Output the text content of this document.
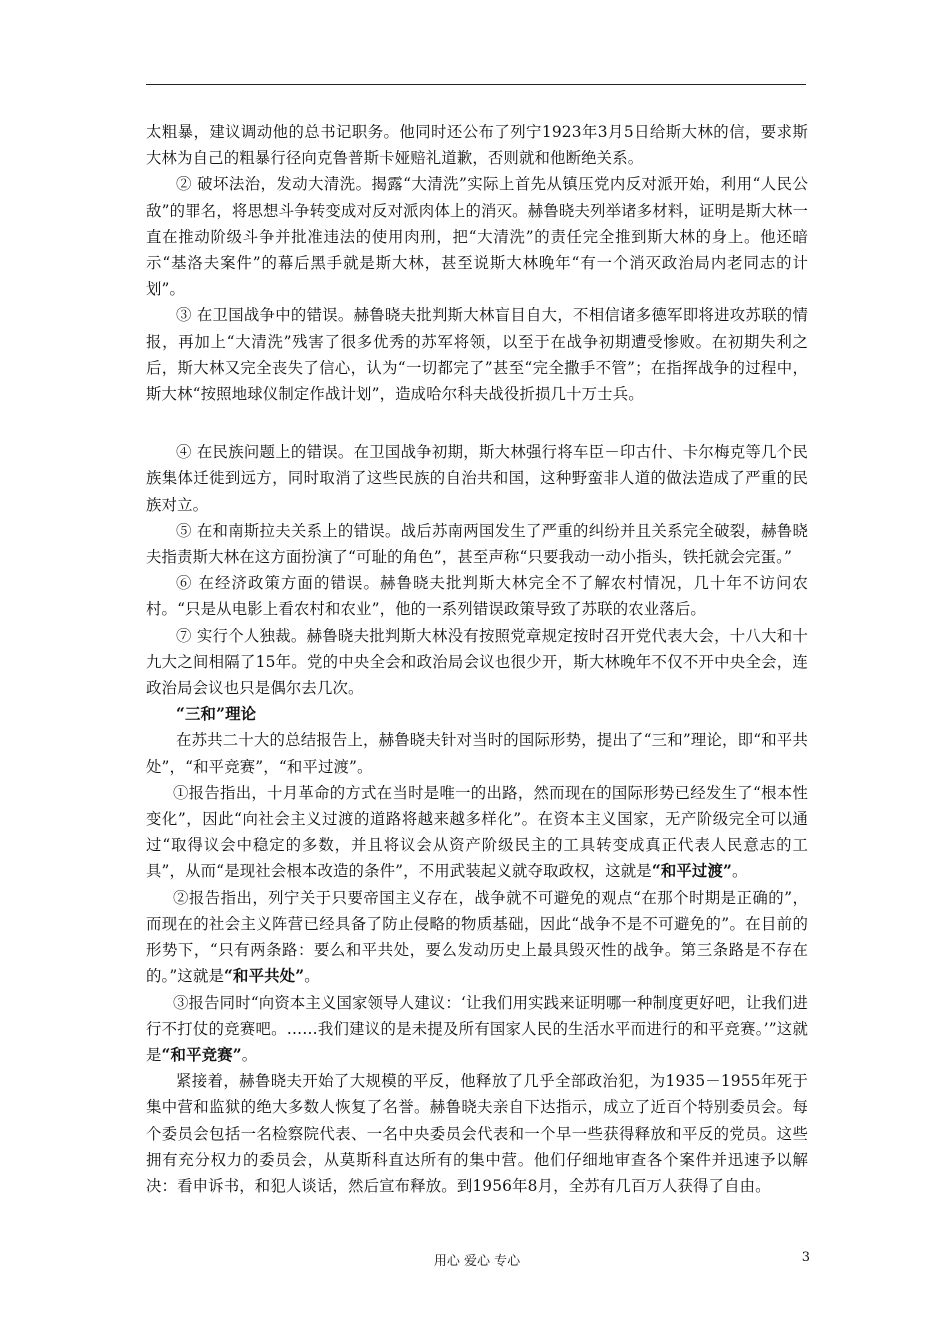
太粗暴，建议调动他的总书记职务。他同时还公布了列宁1923年3月5日给斯大林的信，要求斯大林为自己的粗暴行径向克鲁普斯卡娅赔礼道歉，否则就和他断绝关系。

② 破坏法治，发动大清洗。揭露“大清洗”实际上首先从镇压党内反对派开始，利用“人民公敌”的罪名，将思想斗争转变成对反对派肉体上的消灭。赫鲁晓夫列举诸多材料，证明是斯大林一直在推动阶级斗争并批准违法的使用肉刑，把“大清洗”的责任完全推到斯大林的身上。他还暗示“基洛夫案件”的幕后黑手就是斯大林，甚至说斯大林晚年“有一个消灭政治局内老同志的计划”。

③ 在卫国战争中的错误。赫鲁晓夫批判斯大林盲目自大，不相信诸多德军即将进攻苏联的情报，再加上“大清洗”残害了很多优秀的苏军将领，以至于在战争初期遭受惨败。在初期失利之后，斯大林又完全丧失了信心，认为“一切都完了”甚至“完全撒手不管”；在指挥战争的过程中，斯大林“按照地球仪制定作战计划”，造成哈尔科夫战役折损几十万士兵。

④ 在民族问题上的错误。在卫国战争初期，斯大林强行将车臣－印古什、卡尔梅克等几个民族集体迁徙到远方，同时取消了这些民族的自治共和国，这种野蛮非人道的做法造成了严重的民族对立。

⑤ 在和南斯拉夫关系上的错误。战后苏南两国发生了严重的纠纷并且关系完全破裂，赫鲁晓夫指责斯大林在这方面扮演了“可耻的角色”，甚至声称“只要我动一动小指头，铁托就会完蛋。”

⑥ 在经济政策方面的错误。赫鲁晓夫批判斯大林完全不了解农村情况，几十年不访问农村。“只是从电影上看农村和农业”，他的一系列错误政策导致了苏联的农业落后。

⑦ 实行个人独裁。赫鲁晓夫批判斯大林没有按照党章规定按时召开党代表大会，十八大和十九大之间相隔了15年。党的中央全会和政治局会议也很少开，斯大林晚年不仅不开中央全会，连政治局会议也只是偶尔去几次。

“三和”理论

在苏共二十大的总结报告上，赫鲁晓夫针对当时的国际形势，提出了“三和”理论，即“和平共处”，“和平竞赛”，“和平过渡”。

①报告指出，十月革命的方式在当时是唯一的出路，然而现在的国际形势已经发生了“根本性变化”，因此“向社会主义过渡的道路将越来越多样化”。在资本主义国家，无产阶级完全可以通过“取得议会中稳定的多数，并且将议会从资产阶级民主的工具转变成真正代表人民意志的工具”，从而“是现社会根本改造的条件”，不用武装起义就夺取政权，这就是“和平过渡”。

②报告指出，列宁关于只要帝国主义存在，战争就不可避免的观点“在那个时期是正确的”，而现在的社会主义阵营已经具备了防止侵略的物质基础，因此“战争不是不可避免的”。在目前的形势下，“只有两条路：要么和平共处，要么发动历史上最具毁灭性的战争。第三条路是不存在的。”这就是“和平共处”。

③报告同时“向资本主义国家领导人建议：‘让我们用实践来证明哪一种制度更好吧，让我们进行不打仗的竞赛吧。……我们建议的是未提及所有国家人民的生活水平而进行的和平竞赛。’”这就是“和平竞赛”。

紧接着，赫鲁晓夫开始了大规模的平反，他释放了几乎全部政治犯，为1935－1955年死于集中营和监狱的绝大多数人恢复了名誉。赫鲁晓夫亲自下达指示，成立了近百个特别委员会。每个委员会包括一名检察院代表、一名中央委员会代表和一个早一些获得释放和平反的党员。这些拥有充分权力的委员会，从莫斯科直达所有的集中营。他们仔细地审查各个案件并迅速予以解决：看申诉书，和犯人谈话，然后宣布释放。到1956年8月，全苏有几百万人获得了自由。

用心 爱心 专心	3
